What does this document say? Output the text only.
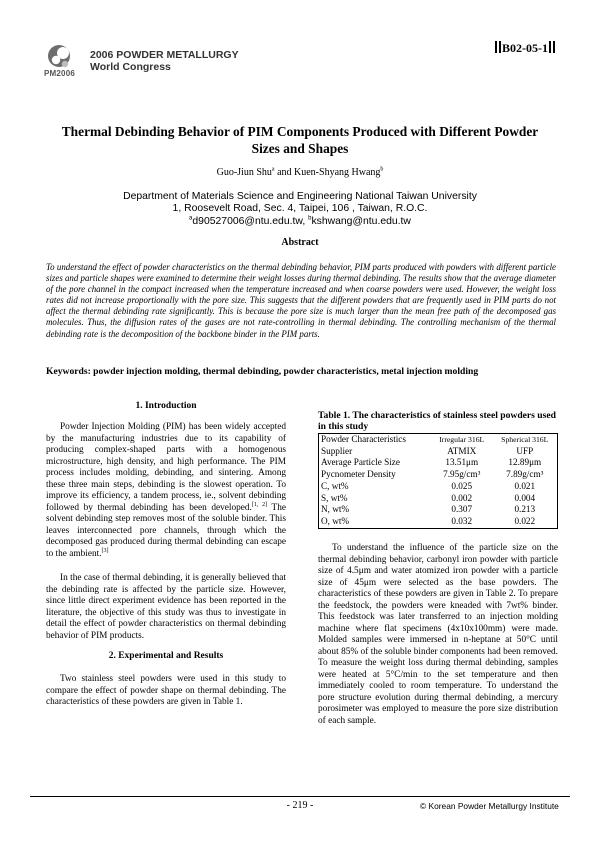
PM2006
2006 POWDER METALLURGY
World Congress
B02-05-1
Thermal Debinding Behavior of PIM Components Produced with Different Powder
Sizes and Shapes
Guo-Jiun Shu$^a$ and Kuen-Shyang Hwang$^b$
Department of Materials Science and Engineering National Taiwan University
1, Roosevelt Road, Sec. 4, Taipei, 106 , Taiwan, R.O.C.
$^a$d90527006@ntu.edu.tw, $^b$kshwang@ntu.edu.tw
Abstract

To understand the effect of powder characteristics on the thermal debinding behavior, PIM parts produced with powders with different particle sizes and particle shapes were examined to determine their weight losses during thermal debinding. The results show that the average diameter of the pore channel in the compact increased when the temperature increased and when coarse powders were used. However, the weight loss rates did not increase proportionally with the pore size. This suggests that the different powders that are frequently used in PIM parts do not affect the thermal debinding rate significantly. This is because the pore size is much larger than the mean free path of the decomposed gas molecules. Thus, the diffusion rates of the gases are not rate-controlling in thermal debinding. The controlling mechanism of the thermal debinding rate is the decomposition of the backbone binder in the PIM parts.

Keywords: powder injection molding, thermal debinding, powder characteristics, metal injection molding
1. Introduction

Powder Injection Molding (PIM) has been widely accepted by the manufacturing industries due to its capability of producing complex-shaped parts with a homogenous microstructure, high density, and high performance. The PIM process includes molding, debinding, and sintering. Among these three main steps, debinding is the slowest operation. To improve its efficiency, a tandem process, ie., solvent debinding followed by thermal debinding has been developed.[1, 2] The solvent debinding step removes most of the soluble binder. This leaves interconnected pore channels, through which the decomposed gas produced during thermal debinding can escape to the ambient.[3]

In the case of thermal debinding, it is generally believed that the debinding rate is affected by the particle size. However, since little direct experiment evidence has been reported in the literature, the objective of this study was thus to investigate in detail the effect of powder characteristics on thermal debinding behavior of PIM products.

2. Experimental and Results

Two stainless steel powders were used in this study to compare the effect of powder shape on thermal debinding. The characteristics of these powders are given in Table 1.

Table 1. The characteristics of stainless steel powders used in this study
Powder Characteristics	Irregular 316L	Spherical 316L
Supplier	ATMIX	UFP
Average Particle Size	13.51μm	12.89μm
Pycnometer Density	7.95g/cm³	7.89g/cm³
C, wt%	0.025	0.021
S, wt%	0.002	0.004
N, wt%	0.307	0.213
O, wt%	0.032	0.022

To understand the influence of the particle size on the thermal debinding behavior, carbonyl iron powder with particle size of 4.5μm and water atomized iron powder with a particle size of 45μm were selected as the base powders. The characteristics of these powders are given in Table 2. To prepare the feedstock, the powders were kneaded with 7wt% binder. This feedstock was later transferred to an injection molding machine where flat specimens (4x10x100mm) were made. Molded samples were immersed in n-heptane at 50°C until about 85% of the soluble binder components had been removed. To measure the weight loss during thermal debinding, samples were heated at 5°C/min to the set temperature and then immediately cooled to room temperature. To understand the pore structure evolution during thermal debinding, a mercury porosimeter was employed to measure the pore size distribution of each sample.

- 219 -	© Korean Powder Metallurgy Institute
